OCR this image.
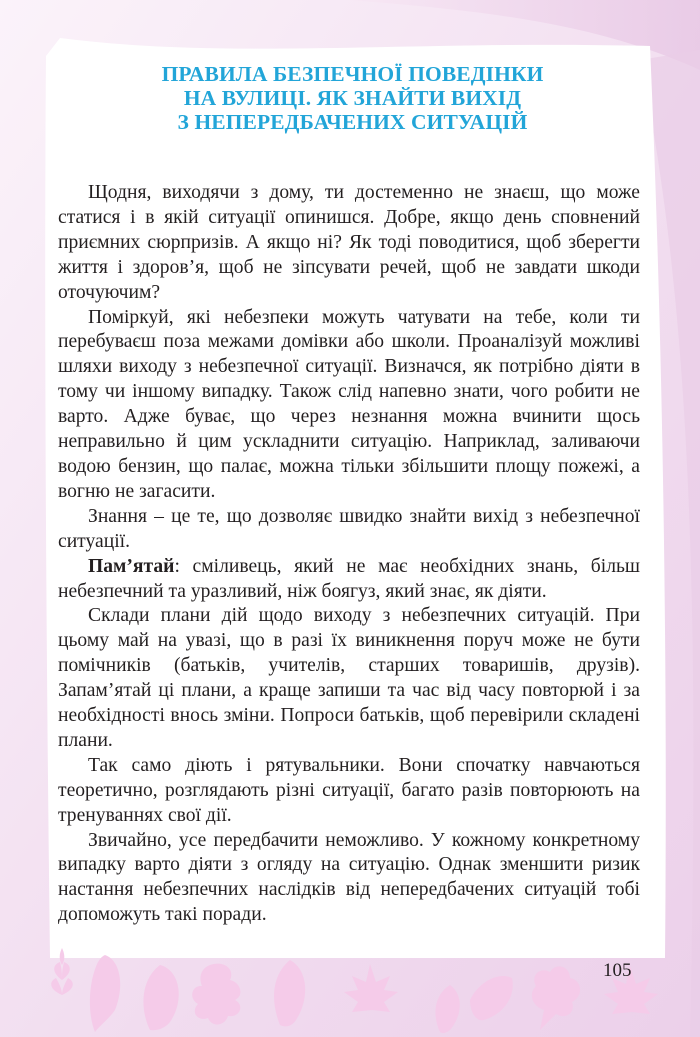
ПРАВИЛА БЕЗПЕЧНОЇ ПОВЕДІНКИ
НА ВУЛИЦІ. ЯК ЗНАЙТИ ВИХІД
З НЕПЕРЕДБАЧЕНИХ СИТУАЦІЙ

Щодня, виходячи з дому, ти достеменно не знаєш, що може статися і в якій ситуації опинишся. Добре, якщо день сповнений приємних сюрпризів. А якщо ні? Як тоді поводитися, щоб зберегти життя і здоров’я, щоб не зіпсувати речей, щоб не завдати шкоди оточуючим?

Поміркуй, які небезпеки можуть чатувати на тебе, коли ти перебуваєш поза межами домівки або школи. Проаналізуй можливі шляхи виходу з небезпечної ситуації. Визначся, як потрібно діяти в тому чи іншому випадку. Також слід напевно знати, чого робити не варто. Адже буває, що через незнання можна вчинити щось неправильно й цим ускладнити ситуацію. Наприклад, заливаючи водою бензин, що палає, можна тільки збільшити площу пожежі, а вогню не загасити.

Знання – це те, що дозволяє швидко знайти вихід з небезпечної ситуації.

Пам’ятай: сміливець, який не має необхідних знань, більш небезпечний та уразливий, ніж боягуз, який знає, як діяти.

Склади плани дій щодо виходу з небезпечних ситуацій. При цьому май на увазі, що в разі їх виникнення поруч може не бути помічників (батьків, учителів, старших товаришів, друзів). Запам’ятай ці плани, а краще запиши та час від часу повторюй і за необхідності внось зміни. Попроси батьків, щоб перевірили складені плани.

Так само діють і рятувальники. Вони спочатку навчаються теоретично, розглядають різні ситуації, багато разів повторюють на тренуваннях свої дії.

Звичайно, усе передбачити неможливо. У кожному конкретному випадку варто діяти з огляду на ситуацію. Однак зменшити ризик настання небезпечних наслідків від непередбачених ситуацій тобі допоможуть такі поради.

105
